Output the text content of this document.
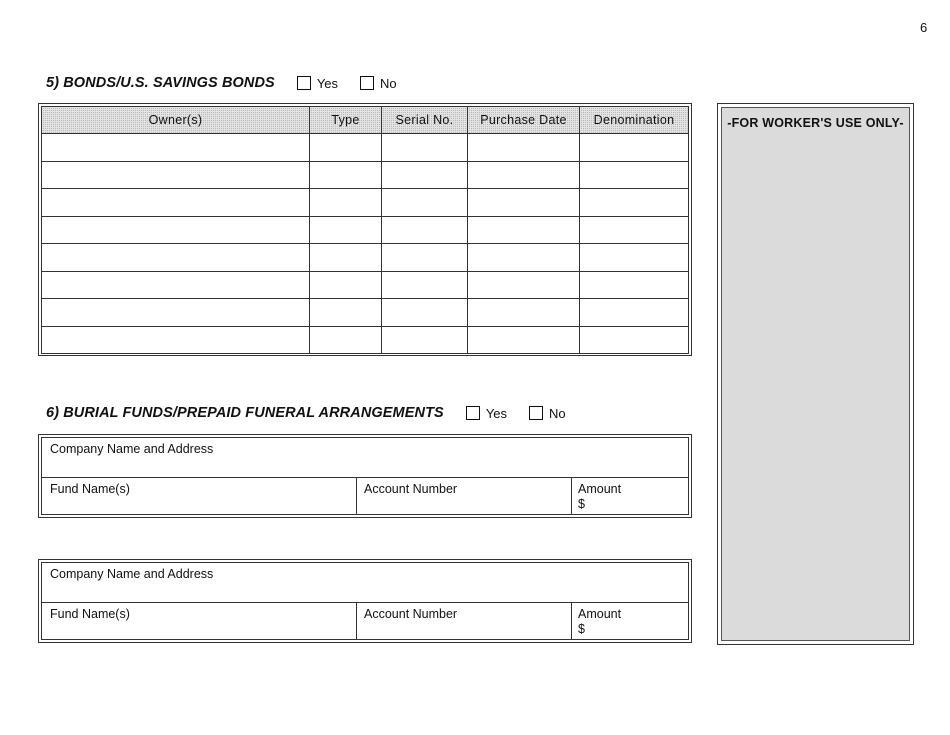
6
5) BONDS/U.S. SAVINGS BONDS	Yes	No
Owner(s)	Type	Serial No.	Purchase Date	Denomination

					-FOR WORKER'S USE ONLY-
6) BURIAL FUNDS/PREPAID FUNERAL ARRANGEMENTS	Yes	No
Company Name and Address
Fund Name(s)	Account Number	Amount
$
Company Name and Address
Fund Name(s)	Account Number	Amount
$
